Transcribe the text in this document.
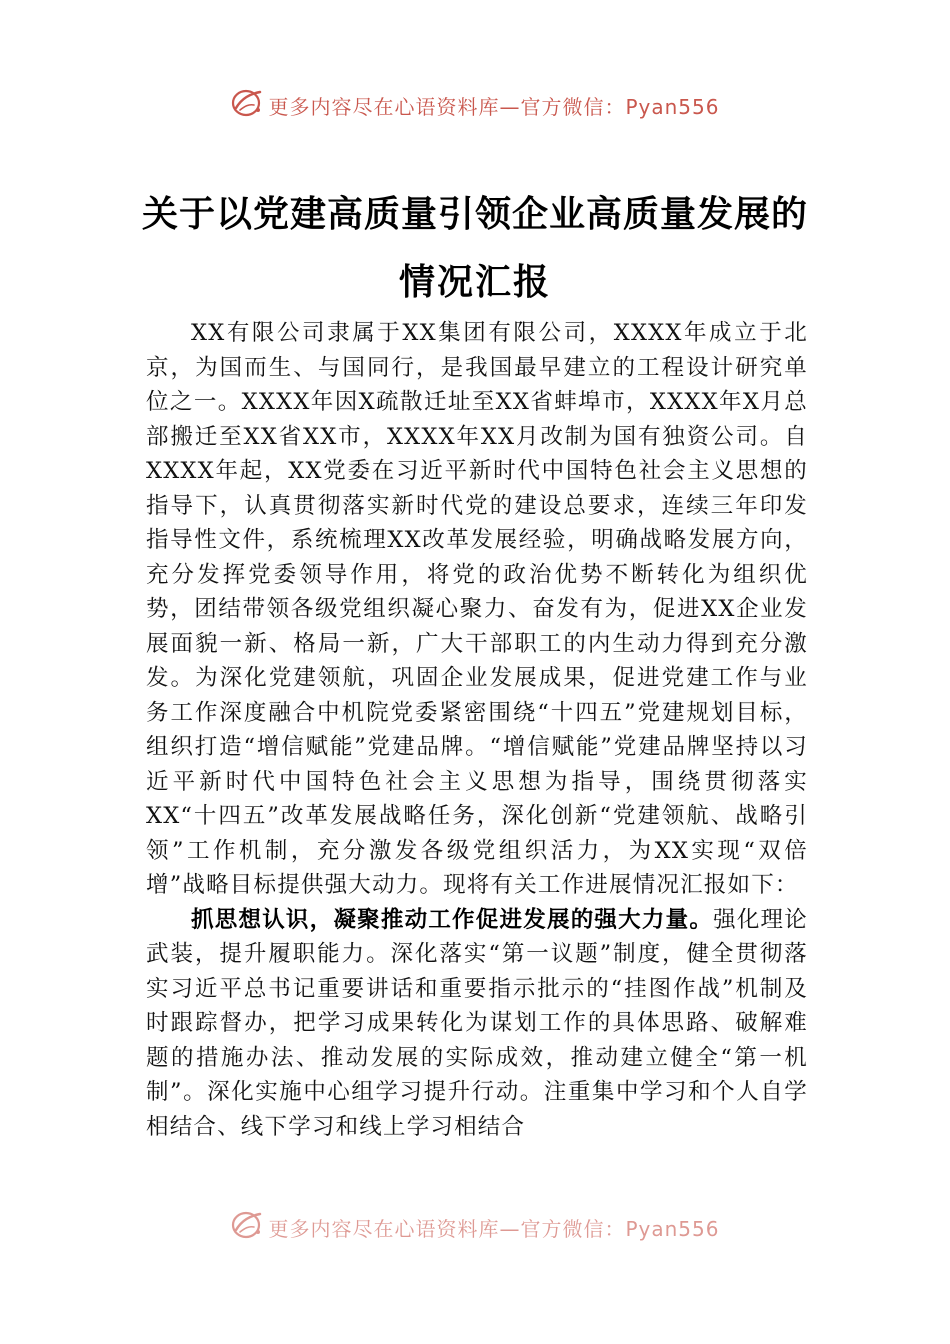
更多内容尽在心语资料库—官方微信：Pyan556
关于以党建高质量引领企业高质量发展的
情况汇报

XX有限公司隶属于XX集团有限公司，XXXX年成立于北京，为国而生、与国同行，是我国最早建立的工程设计研究单位之一。XXXX年因X疏散迁址至XX省蚌埠市，XXXX年X月总部搬迁至XX省XX市，XXXX年XX月改制为国有独资公司。自XXXX年起，XX党委在习近平新时代中国特色社会主义思想的指导下，认真贯彻落实新时代党的建设总要求，连续三年印发指导性文件，系统梳理XX改革发展经验，明确战略发展方向，充分发挥党委领导作用，将党的政治优势不断转化为组织优势，团结带领各级党组织凝心聚力、奋发有为，促进XX企业发展面貌一新、格局一新，广大干部职工的内生动力得到充分激发。为深化党建领航，巩固企业发展成果，促进党建工作与业务工作深度融合中机院党委紧密围绕“十四五”党建规划目标，组织打造“增信赋能”党建品牌。“增信赋能”党建品牌坚持以习近平新时代中国特色社会主义思想为指导，围绕贯彻落实XX“十四五”改革发展战略任务，深化创新“党建领航、战略引领”工作机制，充分激发各级党组织活力，为XX实现“双倍增”战略目标提供强大动力。现将有关工作进展情况汇报如下：

抓思想认识，凝聚推动工作促进发展的强大力量。强化理论武装，提升履职能力。深化落实“第一议题”制度，健全贯彻落实习近平总书记重要讲话和重要指示批示的“挂图作战”机制及时跟踪督办，把学习成果转化为谋划工作的具体思路、破解难题的措施办法、推动发展的实际成效，推动建立健全“第一机制”。深化实施中心组学习提升行动。注重集中学习和个人自学相结合、线下学习和线上学习相结合

更多内容尽在心语资料库—官方微信：Pyan556
